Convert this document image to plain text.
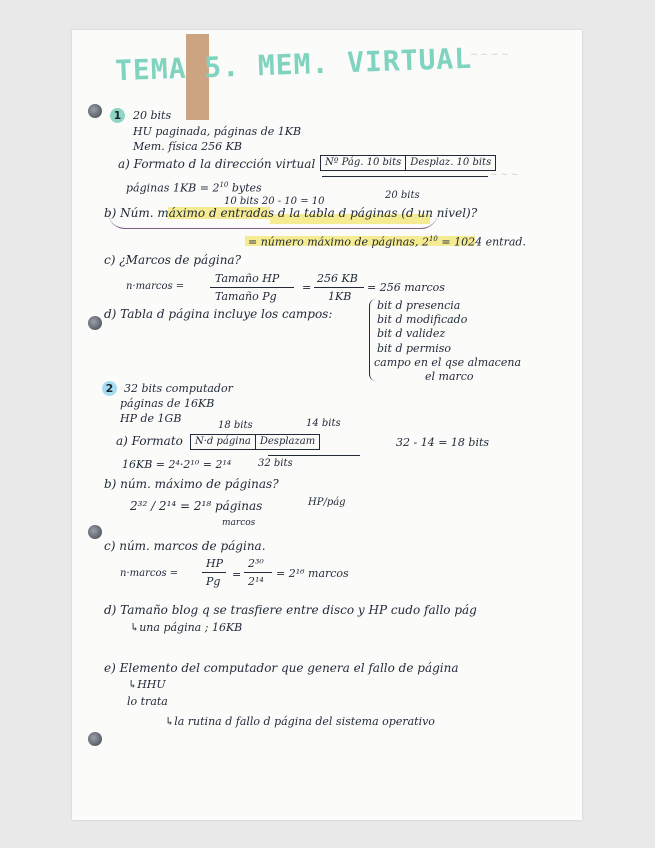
~ ~ ~ ~
~ ~ ~
TEMA 5. MEM. VIRTUAL
1	20 bits
HU paginada, páginas de 1KB
Mem. física 256 KB
a) Formato d la dirección virtual Nº Pág. 10 bits Desplaz. 10 bits
20 bits
páginas $1KB = 2^{10}$ bytes
10 bits 20 - 10 = 10
b) Núm. máximo d entradas d la tabla d páginas (d un nivel)?
= número máximo de páginas, $2^{10} = 1024$ entrad.
c) ¿Marcos de página?
n·marcos =
Tamaño HP
Tamaño Pg
=
256 KB
1KB
= 256 marcos
d) Tabla d página incluye los campos:
bit d presencia
bit d modificado
bit d validez
bit d permiso
campo en el qse almacena
el marco
2 32 bits computador
páginas de 16KB
HP de 1GB
18 bits	14 bits
a) Formato	N·d página Desplazam	32 - 14 = 18 bits
16KB = 2⁴·2¹⁰ = 2¹⁴	32 bits
b) núm. máximo de páginas?
2³² / 2¹⁴ = 2¹⁸ páginas
marcos
HP/pág
c) núm. marcos de página.
n·marcos =
HP
Pg
=
2³⁰
2¹⁴
= 2¹⁶ marcos
d) Tamaño blog q se trasfiere entre disco y HP cudo fallo pág
↳una página ; 16KB
e) Elemento del computador que genera el fallo de página
↳HHU
lo trata
↳la rutina d fallo d página del sistema operativo
